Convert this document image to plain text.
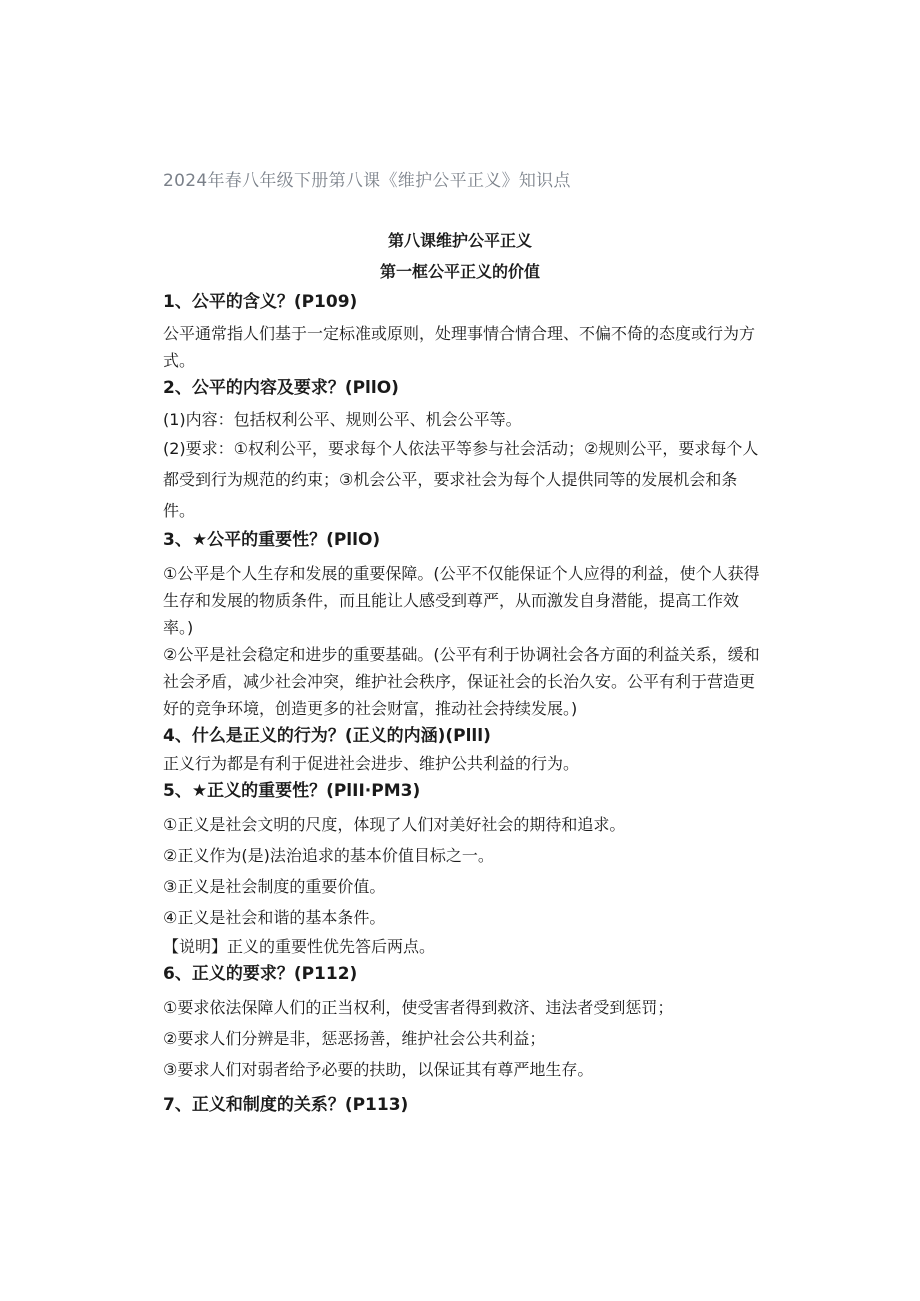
2024年春八年级下册第八课《维护公平正义》知识点
第八课维护公平正义
第一框公平正义的价值
1、公平的含义？(P109)
公平通常指人们基于一定标准或原则，处理事情合情合理、不偏不倚的态度或行为方式。
2、公平的内容及要求？(PllO)
(1)内容：包括权利公平、规则公平、机会公平等。
(2)要求：①权利公平，要求每个人依法平等参与社会活动；②规则公平，要求每个人都受到行为规范的约束；③机会公平，要求社会为每个人提供同等的发展机会和条件。
3、★公平的重要性？(PllO)
①公平是个人生存和发展的重要保障。(公平不仅能保证个人应得的利益，使个人获得生存和发展的物质条件，而且能让人感受到尊严，从而激发自身潜能，提高工作效率。)
②公平是社会稳定和进步的重要基础。(公平有利于协调社会各方面的利益关系，缓和社会矛盾，减少社会冲突，维护社会秩序，保证社会的长治久安。公平有利于营造更好的竞争环境，创造更多的社会财富，推动社会持续发展。)
4、什么是正义的行为？(正义的内涵)(Plll)
正义行为都是有利于促进社会进步、维护公共利益的行为。
5、★正义的重要性？(PlII·PM3)
①正义是社会文明的尺度，体现了人们对美好社会的期待和追求。
②正义作为(是)法治追求的基本价值目标之一。
③正义是社会制度的重要价值。
④正义是社会和谐的基本条件。
【说明】正义的重要性优先答后两点。
6、正义的要求？(P112)
①要求依法保障人们的正当权利，使受害者得到救济、违法者受到惩罚；
②要求人们分辨是非，惩恶扬善，维护社会公共利益；
③要求人们对弱者给予必要的扶助，以保证其有尊严地生存。
7、正义和制度的关系？(P113)
